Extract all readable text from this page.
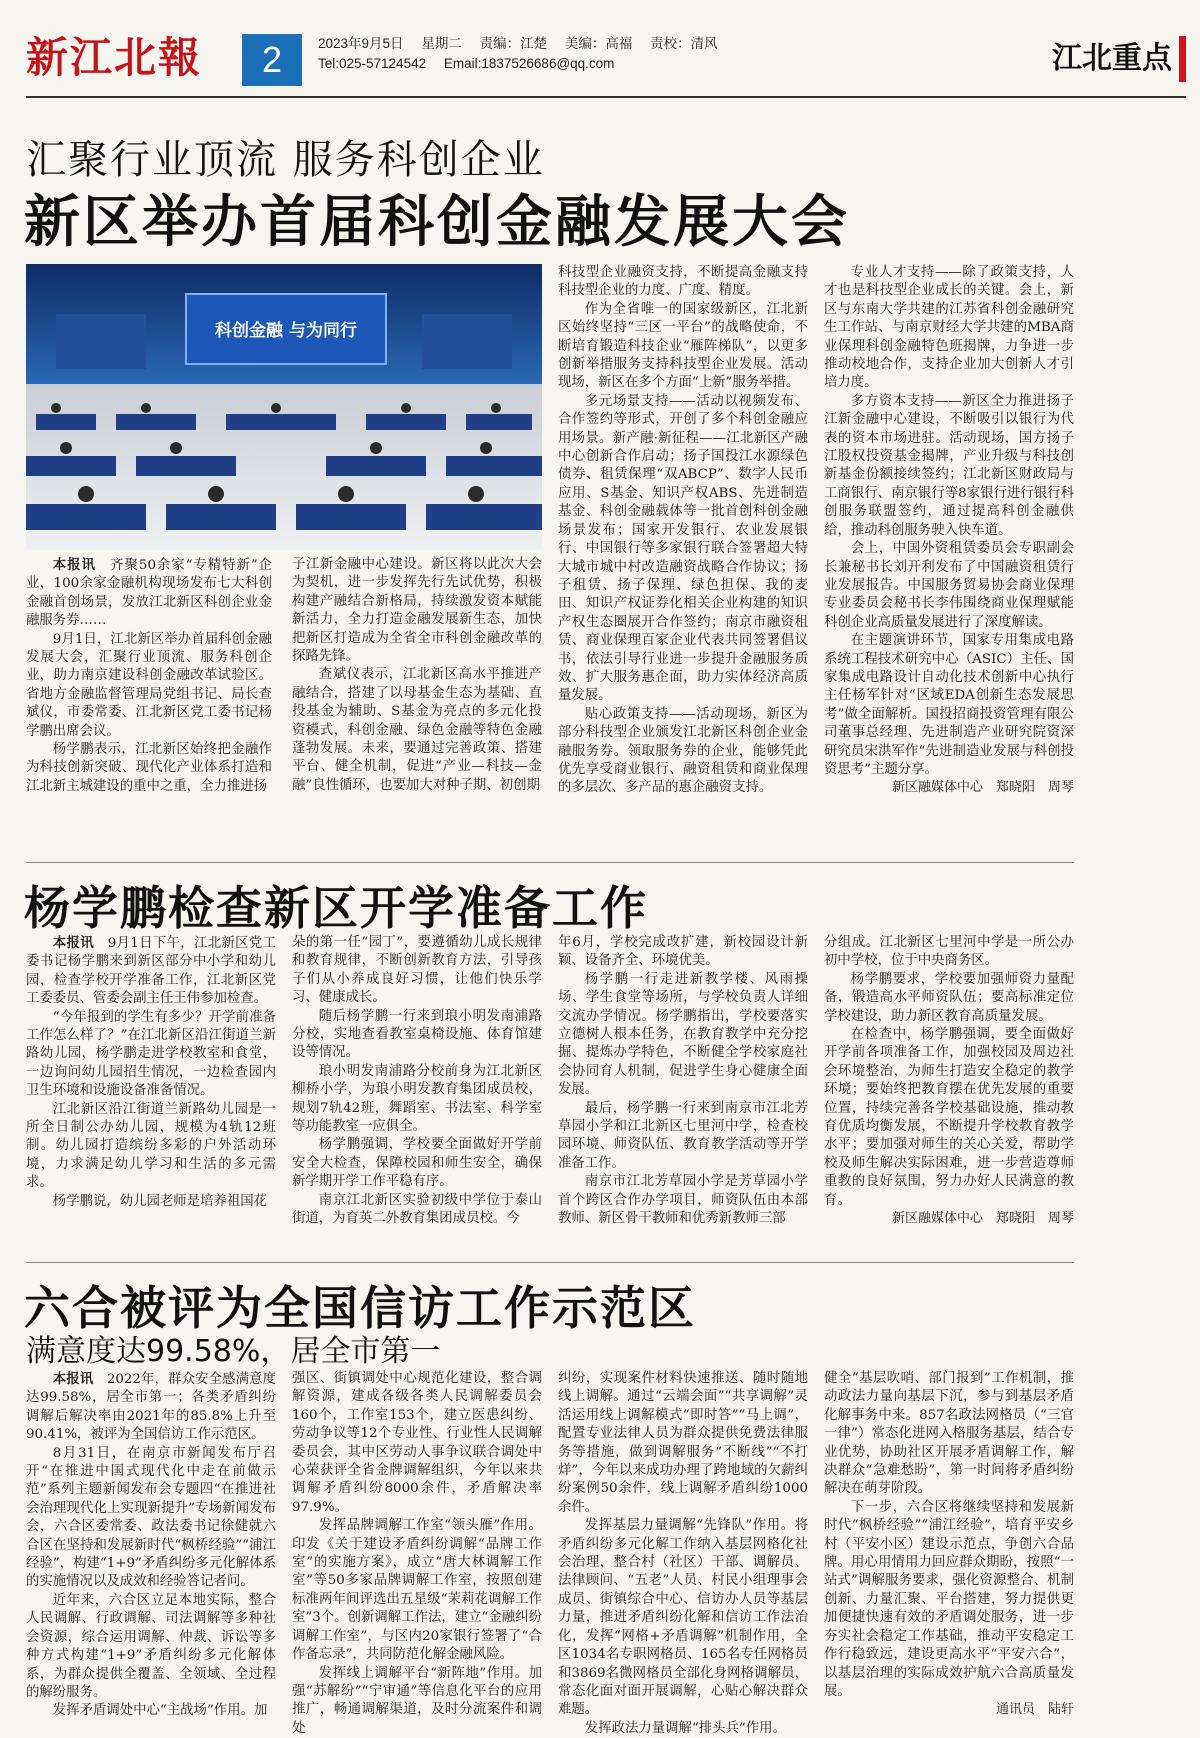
新江北報	2	2023年9月5日 星期二 责编：江楚 美编：高福 责校：清风
Tel:025-57124542 Email:1837526686@qq.com	江北重点
汇聚行业顶流 服务科创企业
新区举办首届科创金融发展大会
科创金融 与为同行

本报讯　 齐聚50余家“专精特新”企业，100余家金融机构现场发布七大科创金融首创场景，发放江北新区科创企业金融服务券……

9月1日，江北新区举办首届科创金融发展大会，汇聚行业顶流、服务科创企业，助力南京建设科创金融改革试验区。省地方金融监督管理局党组书记、局长查斌仪，市委常委、江北新区党工委书记杨学鹏出席会议。

杨学鹏表示，江北新区始终把金融作为科技创新突破、现代化产业体系打造和江北新主城建设的重中之重，全力推进扬

子江新金融中心建设。新区将以此次大会为契机，进一步发挥先行先试优势，积极构建产融结合新格局，持续激发资本赋能新活力，全力打造金融发展新生态，加快把新区打造成为全省全市科创金融改革的探路先锋。

查斌仪表示，江北新区高水平推进产融结合，搭建了以母基金生态为基础、直投基金为辅助、S基金为亮点的多元化投资模式，科创金融、绿色金融等特色金融蓬勃发展。未来，要通过完善政策、搭建平台、健全机制，促进“产业—科技—金融”良性循环，也要加大对种子期、初创期

科技型企业融资支持，不断提高金融支持科技型企业的力度、广度、精度。

作为全省唯一的国家级新区，江北新区始终坚持“三区一平台”的战略使命，不断培育锻造科技企业“雁阵梯队”，以更多创新举措服务支持科技型企业发展。活动现场，新区在多个方面“上新”服务举措。

多元场景支持——活动以视频发布、合作签约等形式，开创了多个科创金融应用场景。新产融·新征程——江北新区产融中心创新合作启动；扬子国投江水源绿色债券、租赁保理“双ABCP”、数字人民币应用、S基金、知识产权ABS、先进制造基金、科创金融载体等一批首创科创金融场景发布；国家开发银行、农业发展银行、中国银行等多家银行联合签署超大特大城市城中村改造融资战略合作协议；扬子租赁、扬子保理、绿色担保、我的麦田、知识产权证券化相关企业构建的知识产权生态圈展开合作签约；南京市融资租赁、商业保理百家企业代表共同签署倡议书，依法引导行业进一步提升金融服务质效、扩大服务惠企面，助力实体经济高质量发展。

贴心政策支持——活动现场，新区为部分科技型企业颁发江北新区科创企业金融服务券。领取服务券的企业，能够凭此优先享受商业银行、融资租赁和商业保理的多层次、多产品的惠企融资支持。

专业人才支持——除了政策支持，人才也是科技型企业成长的关键。会上，新区与东南大学共建的江苏省科创金融研究生工作站、与南京财经大学共建的MBA商业保理科创金融特色班揭牌，力争进一步推动校地合作，支持企业加大创新人才引培力度。

多方资本支持——新区全力推进扬子江新金融中心建设，不断吸引以银行为代表的资本市场进驻。活动现场，国方扬子江股权投资基金揭牌，产业升级与科技创新基金份额接续签约；江北新区财政局与工商银行、南京银行等8家银行进行银行科创服务联盟签约，通过提高科创金融供给，推动科创服务驶入快车道。

会上，中国外资租赁委员会专职副会长兼秘书长刘开利发布了中国融资租赁行业发展报告。中国服务贸易协会商业保理专业委员会秘书长李伟围绕商业保理赋能科创企业高质量发展进行了深度解读。

在主题演讲环节，国家专用集成电路系统工程技术研究中心（ASIC）主任、国家集成电路设计自动化技术创新中心执行主任杨军针对“区域EDA创新生态发展思考”做全面解析。国投招商投资管理有限公司董事总经理、先进制造产业研究院资深研究员宋洪军作“先进制造业发展与科创投资思考”主题分享。

新区融媒体中心　郑晓阳　周琴

杨学鹏检查新区开学准备工作

本报讯　 9月1日下午，江北新区党工委书记杨学鹏来到新区部分中小学和幼儿园，检查学校开学准备工作，江北新区党工委委员、管委会副主任王伟参加检查。

“今年报到的学生有多少？开学前准备工作怎么样了？”在江北新区沿江街道兰新路幼儿园，杨学鹏走进学校教室和食堂，一边询问幼儿园招生情况，一边检查园内卫生环境和设施设备准备情况。

江北新区沿江街道兰新路幼儿园是一所全日制公办幼儿园，规模为4轨12班制。幼儿园打造缤纷多彩的户外活动环境，力求满足幼儿学习和生活的多元需求。

杨学鹏说，幼儿园老师是培养祖国花

朵的第一任“园丁”，要遵循幼儿成长规律和教育规律，不断创新教育方法，引导孩子们从小养成良好习惯，让他们快乐学习、健康成长。

随后杨学鹏一行来到琅小明发南浦路分校，实地查看教室桌椅设施、体育馆建设等情况。

琅小明发南浦路分校前身为江北新区柳桥小学，为琅小明发教育集团成员校，规划7轨42班，舞蹈室、书法室、科学室等功能教室一应俱全。

杨学鹏强调，学校要全面做好开学前安全大检查，保障校园和师生安全，确保新学期开学工作平稳有序。

南京江北新区实验初级中学位于泰山街道，为育英二外教育集团成员校。今

年6月，学校完成改扩建，新校园设计新颖、设备齐全、环境优美。

杨学鹏一行走进新教学楼、风雨操场、学生食堂等场所，与学校负责人详细交流办学情况。杨学鹏指出，学校要落实立德树人根本任务，在教育教学中充分挖掘、提炼办学特色，不断健全学校家庭社会协同育人机制，促进学生身心健康全面发展。

最后，杨学鹏一行来到南京市江北芳草园小学和江北新区七里河中学，检查校园环境、师资队伍、教育教学活动等开学准备工作。

南京市江北芳草园小学是芳草园小学首个跨区合作办学项目，师资队伍由本部教师、新区骨干教师和优秀新教师三部

分组成。江北新区七里河中学是一所公办初中学校，位于中央商务区。

杨学鹏要求，学校要加强师资力量配备，锻造高水平师资队伍；要高标准定位学校建设，助力新区教育高质量发展。

在检查中，杨学鹏强调，要全面做好开学前各项准备工作，加强校园及周边社会环境整治，为师生打造安全稳定的教学环境；要始终把教育摆在优先发展的重要位置，持续完善各学校基础设施，推动教育优质均衡发展，不断提升学校教育教学水平；要加强对师生的关心关爱，帮助学校及师生解决实际困难，进一步营造尊师重教的良好氛围，努力办好人民满意的教育。

新区融媒体中心　郑晓阳　周琴

六合被评为全国信访工作示范区
满意度达99.58%，居全市第一

本报讯　 2022年，群众安全感满意度达99.58%，居全市第一；各类矛盾纠纷调解后解决率由2021年的85.8%上升至90.41%，被评为全国信访工作示范区。

8月31日，在南京市新闻发布厅召开“在推进中国式现代化中走在前做示范”系列主题新闻发布会专题四“在推进社会治理现代化上实现新提升”专场新闻发布会，六合区委常委、政法委书记徐健就六合区在坚持和发展新时代“枫桥经验”“浦江经验”，构建“1+9”矛盾纠纷多元化解体系的实施情况以及成效和经验答记者问。

近年来，六合区立足本地实际，整合人民调解、行政调解、司法调解等多种社会资源，综合运用调解、仲裁、诉讼等多种方式构建“1+9”矛盾纠纷多元化解体系，为群众提供全覆盖、全领域、全过程的解纷服务。

发挥矛盾调处中心“主战场”作用。加

强区、街镇调处中心规范化建设，整合调解资源，建成各级各类人民调解委员会160个，工作室153个，建立医患纠纷、劳动争议等12个专业性、行业性人民调解委员会，其中区劳动人事争议联合调处中心荣获评全省金牌调解组织，今年以来共调解矛盾纠纷8000余件，矛盾解决率97.9%。

发挥品牌调解工作室“领头雁”作用。印发《关于建设矛盾纠纷调解“品牌工作室”的实施方案》，成立“唐大林调解工作室”等50多家品牌调解工作室，按照创建标准两年间评选出五星级“茉莉花调解工作室”3个。创新调解工作法，建立“金融纠纷调解工作室”，与区内20家银行签署了“合作备忘录”，共同防范化解金融风险。

发挥线上调解平台“新阵地”作用。加强“苏解纷”“宁审通”等信息化平台的应用推广，畅通调解渠道，及时分流案件和调处

纠纷，实现案件材料快速推送、随时随地线上调解。通过“云端会面”“共享调解”灵活运用线上调解模式“即时答”“马上调”，配置专业法律人员为群众提供免费法律服务等措施，做到调解服务“不断线”“不打烊”，今年以来成功办理了跨地域的欠薪纠纷案例50余件，线上调解矛盾纠纷1000余件。

发挥基层力量调解“先锋队”作用。将矛盾纠纷多元化解工作纳入基层网格化社会治理，整合村（社区）干部、调解员、法律顾问、“五老”人员、村民小组理事会成员、街镇综合中心、信访办人员等基层力量，推进矛盾纠纷化解和信访工作法治化，发挥“网格+矛盾调解”机制作用，全区1034名专职网格员、165名专任网格员和3869名微网格员全部化身网格调解员，常态化面对面开展调解，心贴心解决群众难题。

发挥政法力量调解“排头兵”作用。

健全“基层吹哨、部门报到”工作机制，推动政法力量向基层下沉，参与到基层矛盾化解事务中来。857名政法网格员（“三官一律”）常态化进网入格服务基层，结合专业优势，协助社区开展矛盾调解工作，解决群众“急难愁盼”，第一时间将矛盾纠纷解决在萌芽阶段。

下一步，六合区将继续坚持和发展新时代“枫桥经验”“浦江经验”，培育平安乡村（平安小区）建设示范点，争创六合品牌。用心用情用力回应群众期盼，按照“一站式”调解服务要求，强化资源整合、机制创新、力量汇聚、平台搭建，努力提供更加便捷快速有效的矛盾调处服务，进一步夯实社会稳定工作基础，推动平安稳定工作行稳致远，建设更高水平“平安六合”，以基层治理的实际成效护航六合高质量发展。

通讯员　陆轩
